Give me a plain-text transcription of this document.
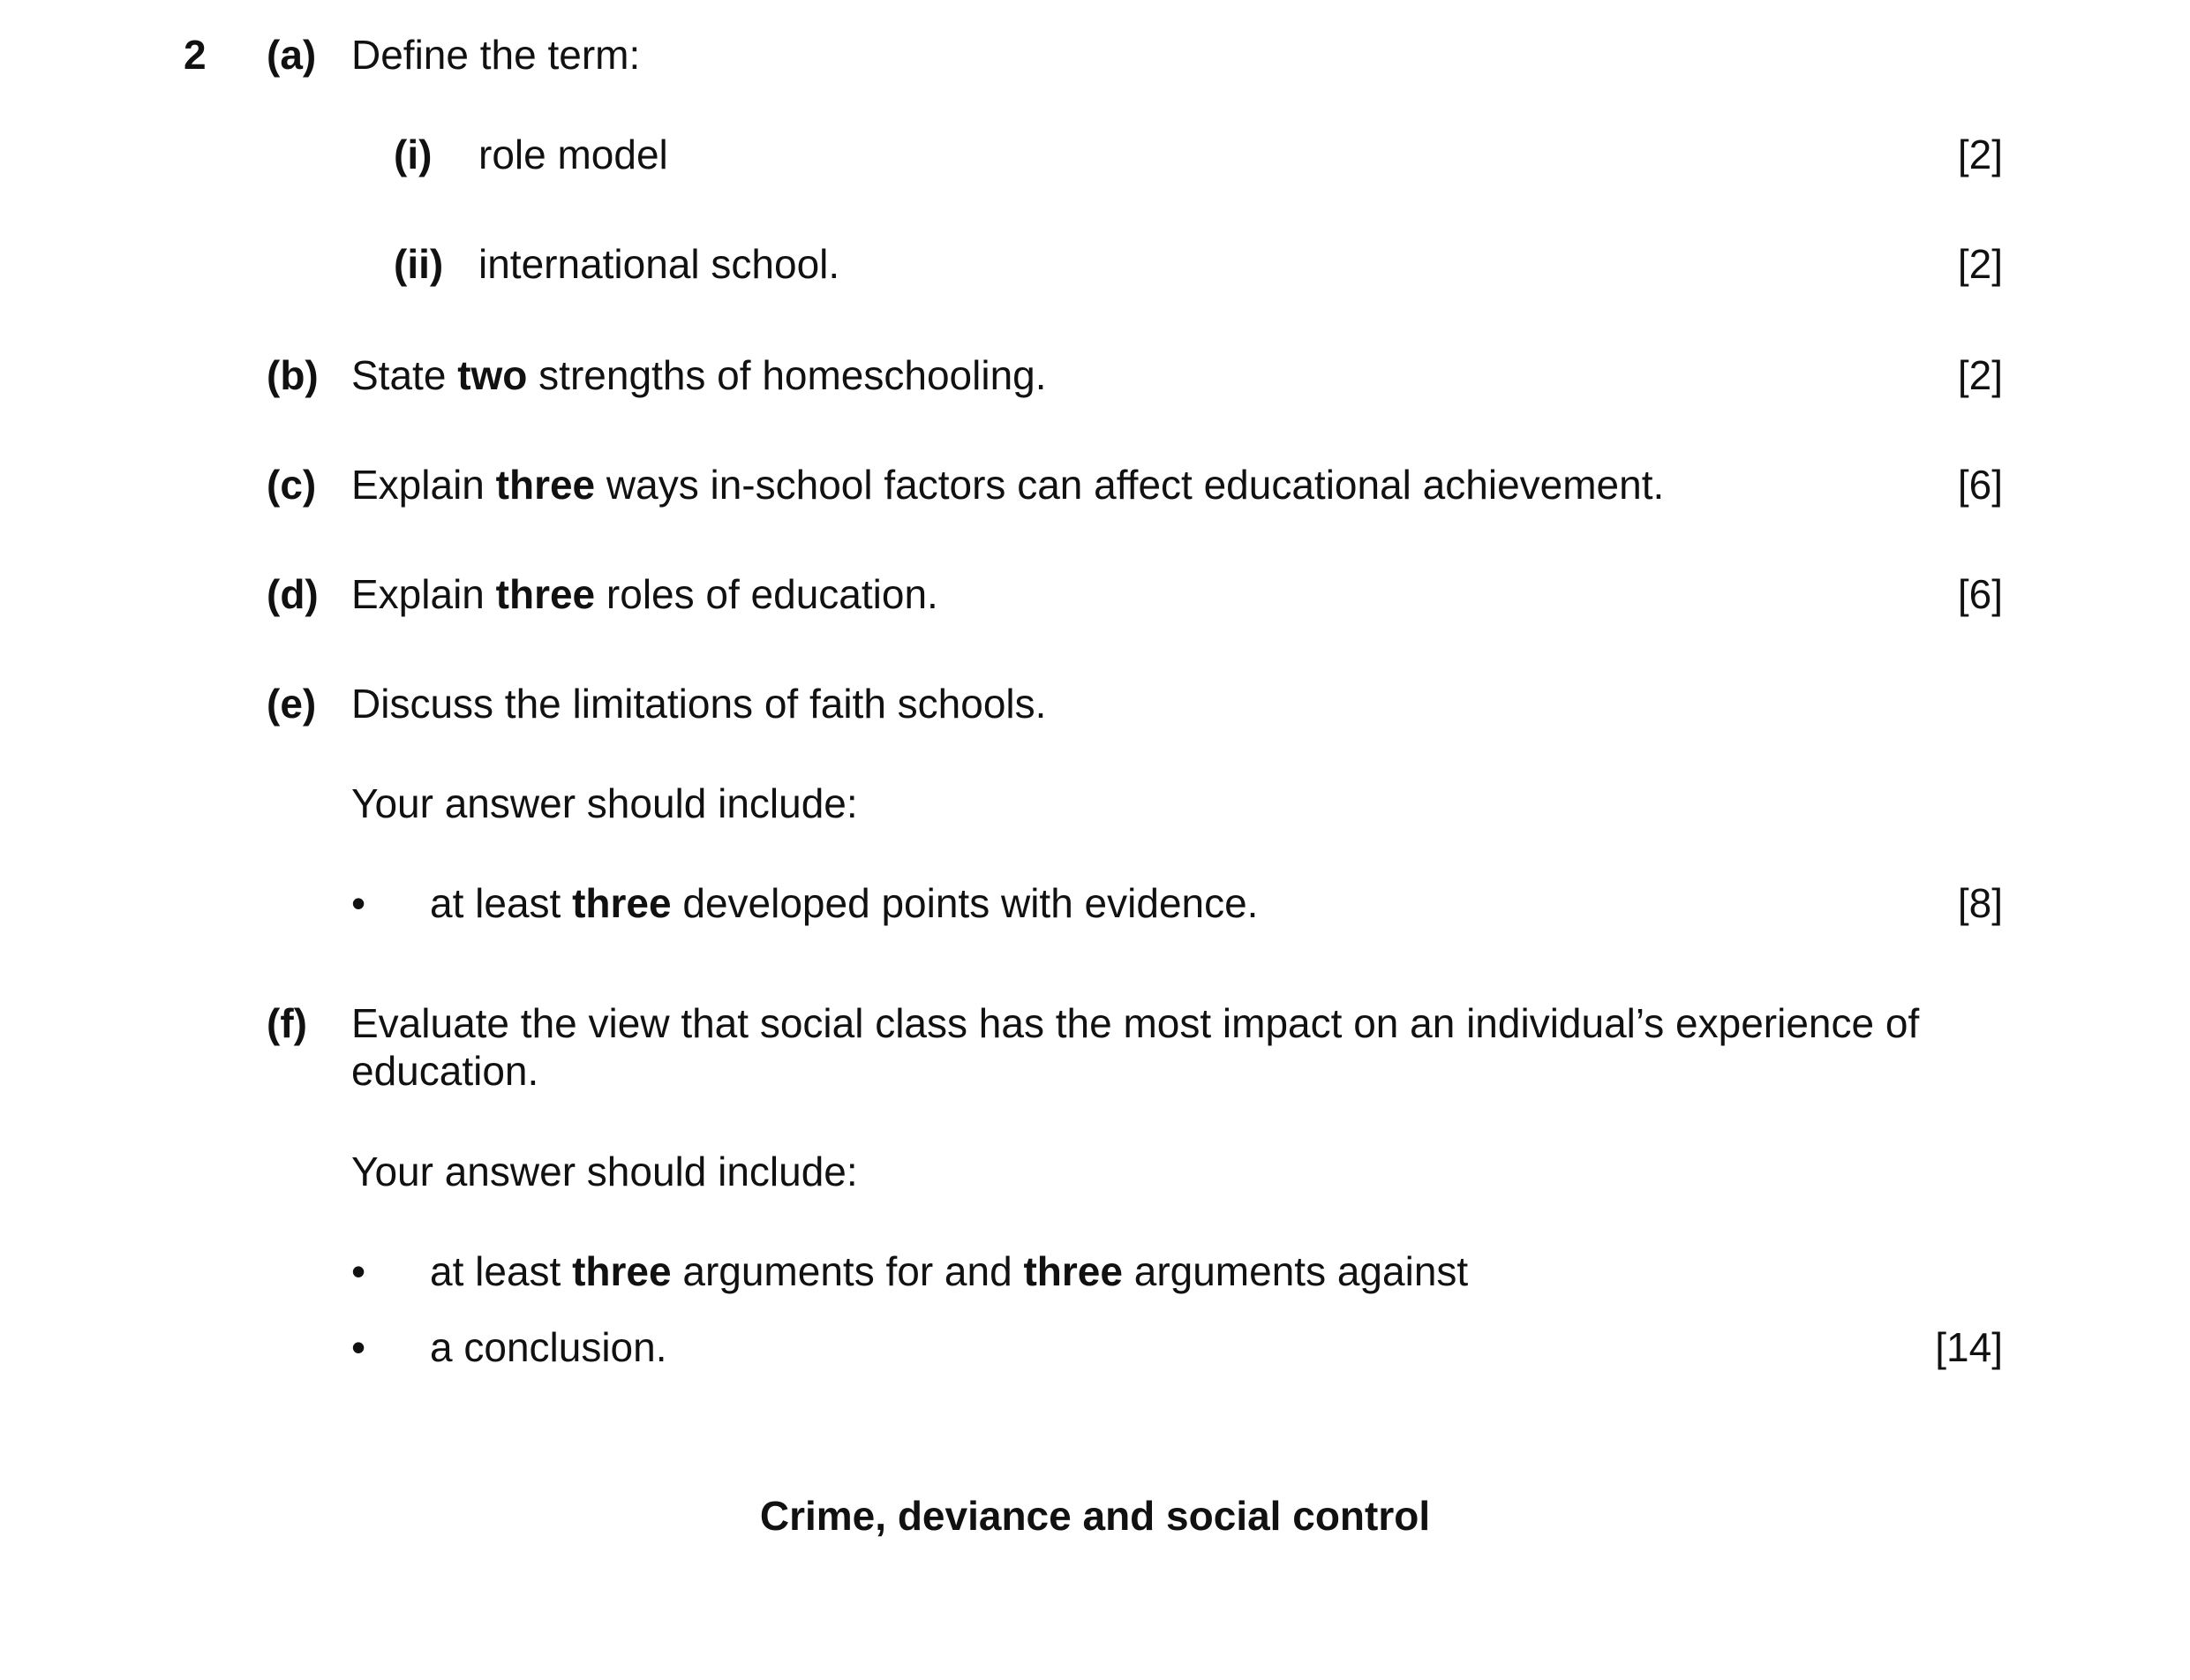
2 (a) Define the term:
(i) role model	[2]
(ii) international school.	[2]
(b) State two strengths of homeschooling.	[2]
(c) Explain three ways in-school factors can affect educational achievement.	[6]
(d) Explain three roles of education.	[6]
(e) Discuss the limitations of faith schools.
Your answer should include:
• at least three developed points with evidence.	[8]
(f) Evaluate the view that social class has the most impact on an individual’s experience of education.
Your answer should include:
• at least three arguments for and three arguments against
• a conclusion.	[14]
Crime, deviance and social control
